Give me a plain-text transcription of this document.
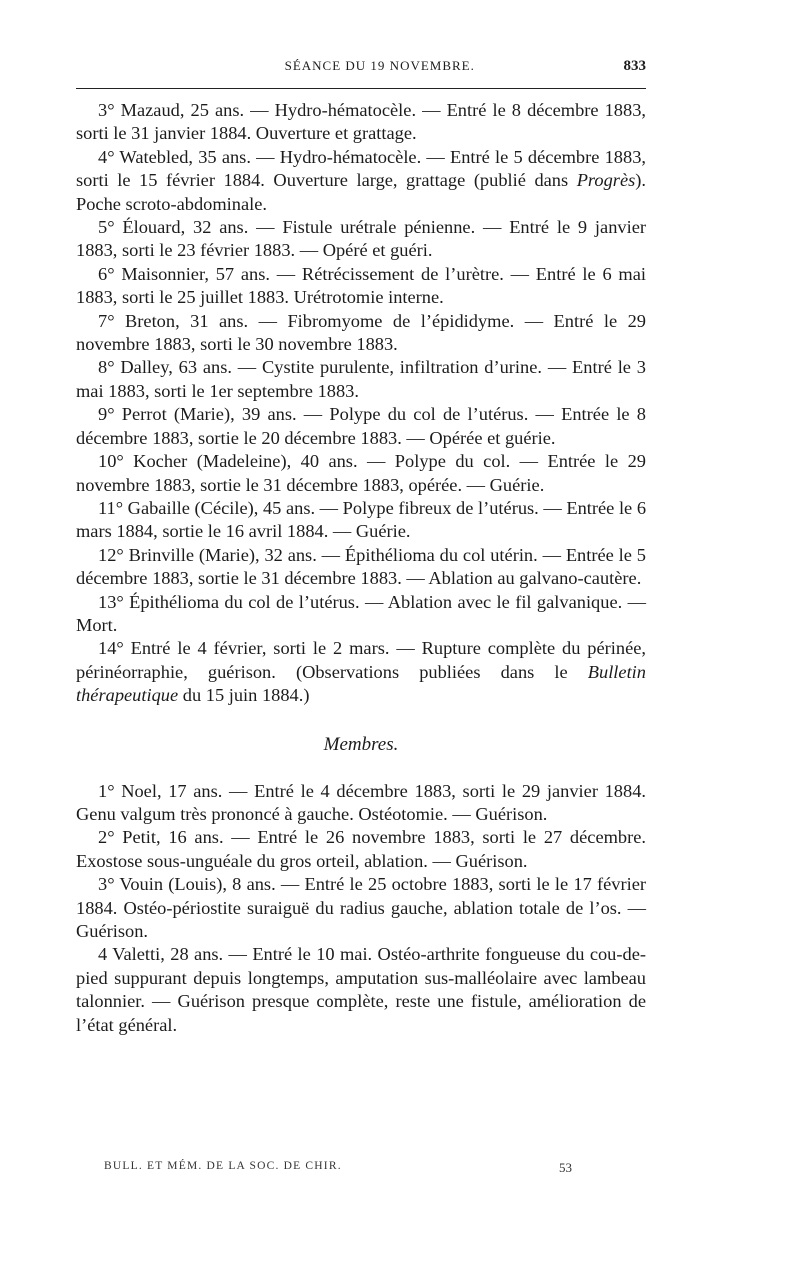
SÉANCE DU 19 NOVEMBRE.	833

3° Mazaud, 25 ans. — Hydro-hématocèle. — Entré le 8 décembre 1883, sorti le 31 janvier 1884. Ouverture et grattage.

4° Watebled, 35 ans. — Hydro-hématocèle. — Entré le 5 décembre 1883, sorti le 15 février 1884. Ouverture large, grattage (publié dans Progrès). Poche scroto-abdominale.

5° Élouard, 32 ans. — Fistule urétrale pénienne. — Entré le 9 janvier 1883, sorti le 23 février 1883. — Opéré et guéri.

6° Maisonnier, 57 ans. — Rétrécissement de l’urètre. — Entré le 6 mai 1883, sorti le 25 juillet 1883. Urétrotomie interne.

7° Breton, 31 ans. — Fibromyome de l’épididyme. — Entré le 29 novembre 1883, sorti le 30 novembre 1883.

8° Dalley, 63 ans. — Cystite purulente, infiltration d’urine. — Entré le 3 mai 1883, sorti le 1er septembre 1883.

9° Perrot (Marie), 39 ans. — Polype du col de l’utérus. — Entrée le 8 décembre 1883, sortie le 20 décembre 1883. — Opérée et guérie.

10° Kocher (Madeleine), 40 ans. — Polype du col. — Entrée le 29 novembre 1883, sortie le 31 décembre 1883, opérée. — Guérie.

11° Gabaille (Cécile), 45 ans. — Polype fibreux de l’utérus. — Entrée le 6 mars 1884, sortie le 16 avril 1884. — Guérie.

12° Brinville (Marie), 32 ans. — Épithélioma du col utérin. — Entrée le 5 décembre 1883, sortie le 31 décembre 1883. — Ablation au galvano-cautère.

13° Épithélioma du col de l’utérus. — Ablation avec le fil galvanique. — Mort.

14° Entré le 4 février, sorti le 2 mars. — Rupture complète du périnée, périnéorraphie, guérison. (Observations publiées dans le Bulletin thérapeutique du 15 juin 1884.)

Membres.

1° Noel, 17 ans. — Entré le 4 décembre 1883, sorti le 29 janvier 1884. Genu valgum très prononcé à gauche. Ostéotomie. — Guérison.

2° Petit, 16 ans. — Entré le 26 novembre 1883, sorti le 27 décembre. Exostose sous-unguéale du gros orteil, ablation. — Guérison.

3° Vouin (Louis), 8 ans. — Entré le 25 octobre 1883, sorti le le 17 février 1884. Ostéo-périostite suraiguë du radius gauche, ablation totale de l’os. — Guérison.

4 Valetti, 28 ans. — Entré le 10 mai. Ostéo-arthrite fongueuse du cou-de-pied suppurant depuis longtemps, amputation sus-malléolaire avec lambeau talonnier. — Guérison presque complète, reste une fistule, amélioration de l’état général.

BULL. ET MÉM. DE LA SOC. DE CHIR.	53
